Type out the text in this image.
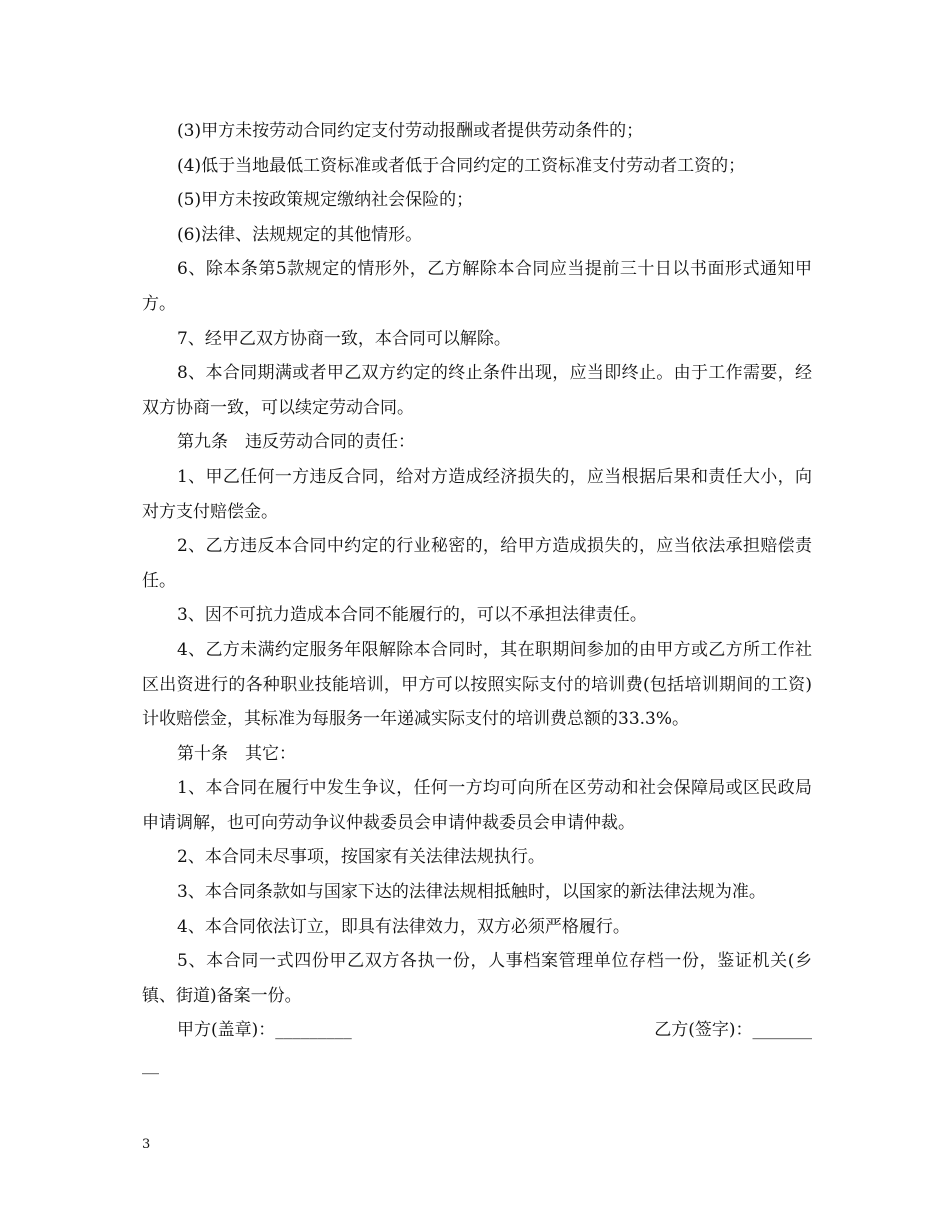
(3)甲方未按劳动合同约定支付劳动报酬或者提供劳动条件的；

(4)低于当地最低工资标准或者低于合同约定的工资标准支付劳动者工资的；

(5)甲方未按政策规定缴纳社会保险的；

(6)法律、法规规定的其他情形。

6、除本条第5款规定的情形外，乙方解除本合同应当提前三十日以书面形式通知甲方。

7、经甲乙双方协商一致，本合同可以解除。

8、本合同期满或者甲乙双方约定的终止条件出现，应当即终止。由于工作需要，经双方协商一致，可以续定劳动合同。

第九条　违反劳动合同的责任：

1、甲乙任何一方违反合同，给对方造成经济损失的，应当根据后果和责任大小，向对方支付赔偿金。

2、乙方违反本合同中约定的行业秘密的，给甲方造成损失的，应当依法承担赔偿责任。

3、因不可抗力造成本合同不能履行的，可以不承担法律责任。

4、乙方未满约定服务年限解除本合同时，其在职期间参加的由甲方或乙方所工作社区出资进行的各种职业技能培训，甲方可以按照实际支付的培训费(包括培训期间的工资)计收赔偿金，其标准为每服务一年递减实际支付的培训费总额的33.3%。

第十条　其它：

1、本合同在履行中发生争议，任何一方均可向所在区劳动和社会保障局或区民政局申请调解，也可向劳动争议仲裁委员会申请仲裁委员会申请仲裁。

2、本合同未尽事项，按国家有关法律法规执行。

3、本合同条款如与国家下达的法律法规相抵触时，以国家的新法律法规为准。

4、本合同依法订立，即具有法律效力，双方必须严格履行。

5、本合同一式四份甲乙双方各执一份，人事档案管理单位存档一份，鉴证机关(乡镇、街道)备案一份。

甲方(盖章)：_________	乙方(签字)：_______
__
3
